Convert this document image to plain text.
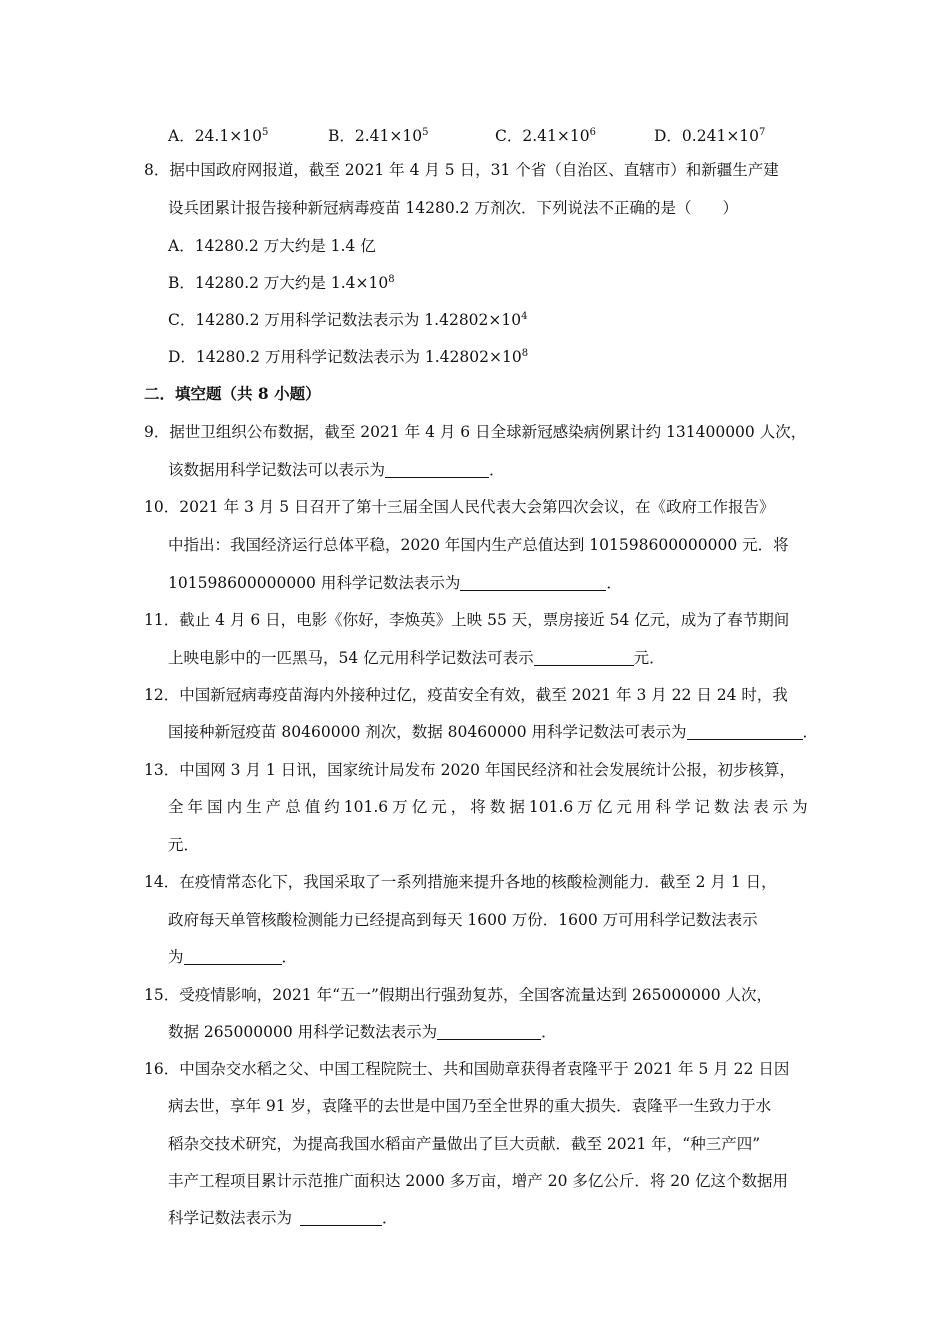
A．$24.1\times 10^5$	B．$2.41\times 10^5$	C．$2.41\times 10^6$	D．$0.241\times 10^7$
8．据中国政府网报道，截至 2021 年 4 月 5 日，31 个省（自治区、直辖市）和新疆生产建
设兵团累计报告接种新冠病毒疫苗 14280.2 万剂次．下列说法不正确的是（　　）
A．14280.2 万大约是 1.4 亿
B．14280.2 万大约是 $1.4\times 10^8$
C．14280.2 万用科学记数法表示为 $1.42802\times 10^4$
D．14280.2 万用科学记数法表示为 $1.42802\times 10^8$
二．填空题（共 8 小题）
9．据世卫组织公布数据，截至 2021 年 4 月 6 日全球新冠感染病例累计约 131400000 人次，
该数据用科学记数法可以表示为	．
10．2021 年 3 月 5 日召开了第十三届全国人民代表大会第四次会议，在《政府工作报告》
中指出：我国经济运行总体平稳，2020 年国内生产总值达到 101598600000000 元．将
101598600000000 用科学记数法表示为	．
11．截止 4 月 6 日，电影《你好，李焕英》上映 55 天，票房接近 54 亿元，成为了春节期间
上映电影中的一匹黑马，54 亿元用科学记数法可表示	元．
12．中国新冠病毒疫苗海内外接种过亿，疫苗安全有效，截至 2021 年 3 月 22 日 24 时，我
国接种新冠疫苗 80460000 剂次，数据 80460000 用科学记数法可表示为	．
13．中国网 3 月 1 日讯，国家统计局发布 2020 年国民经济和社会发展统计公报，初步核算，
全 年 国 内 生 产 总 值 约 101.6 万 亿 元 ， 将 数 据 101.6 万 亿 元 用 科 学 记 数 法 表 示 为
元．
14．在疫情常态化下，我国采取了一系列措施来提升各地的核酸检测能力．截至 2 月 1 日，
政府每天单管核酸检测能力已经提高到每天 1600 万份．1600 万可用科学记数法表示
为	．
15．受疫情影响，2021 年“五一”假期出行强劲复苏，全国客流量达到 265000000 人次，
数据 265000000 用科学记数法表示为	．
16．中国杂交水稻之父、中国工程院院士、共和国勋章获得者袁隆平于 2021 年 5 月 22 日因
病去世，享年 91 岁，袁隆平的去世是中国乃至全世界的重大损失．袁隆平一生致力于水
稻杂交技术研究，为提高我国水稻亩产量做出了巨大贡献．截至 2021 年，“种三产四”
丰产工程项目累计示范推广面积达 2000 多万亩，增产 20 多亿公斤．将 20 亿这个数据用
科学记数法表示为	．
